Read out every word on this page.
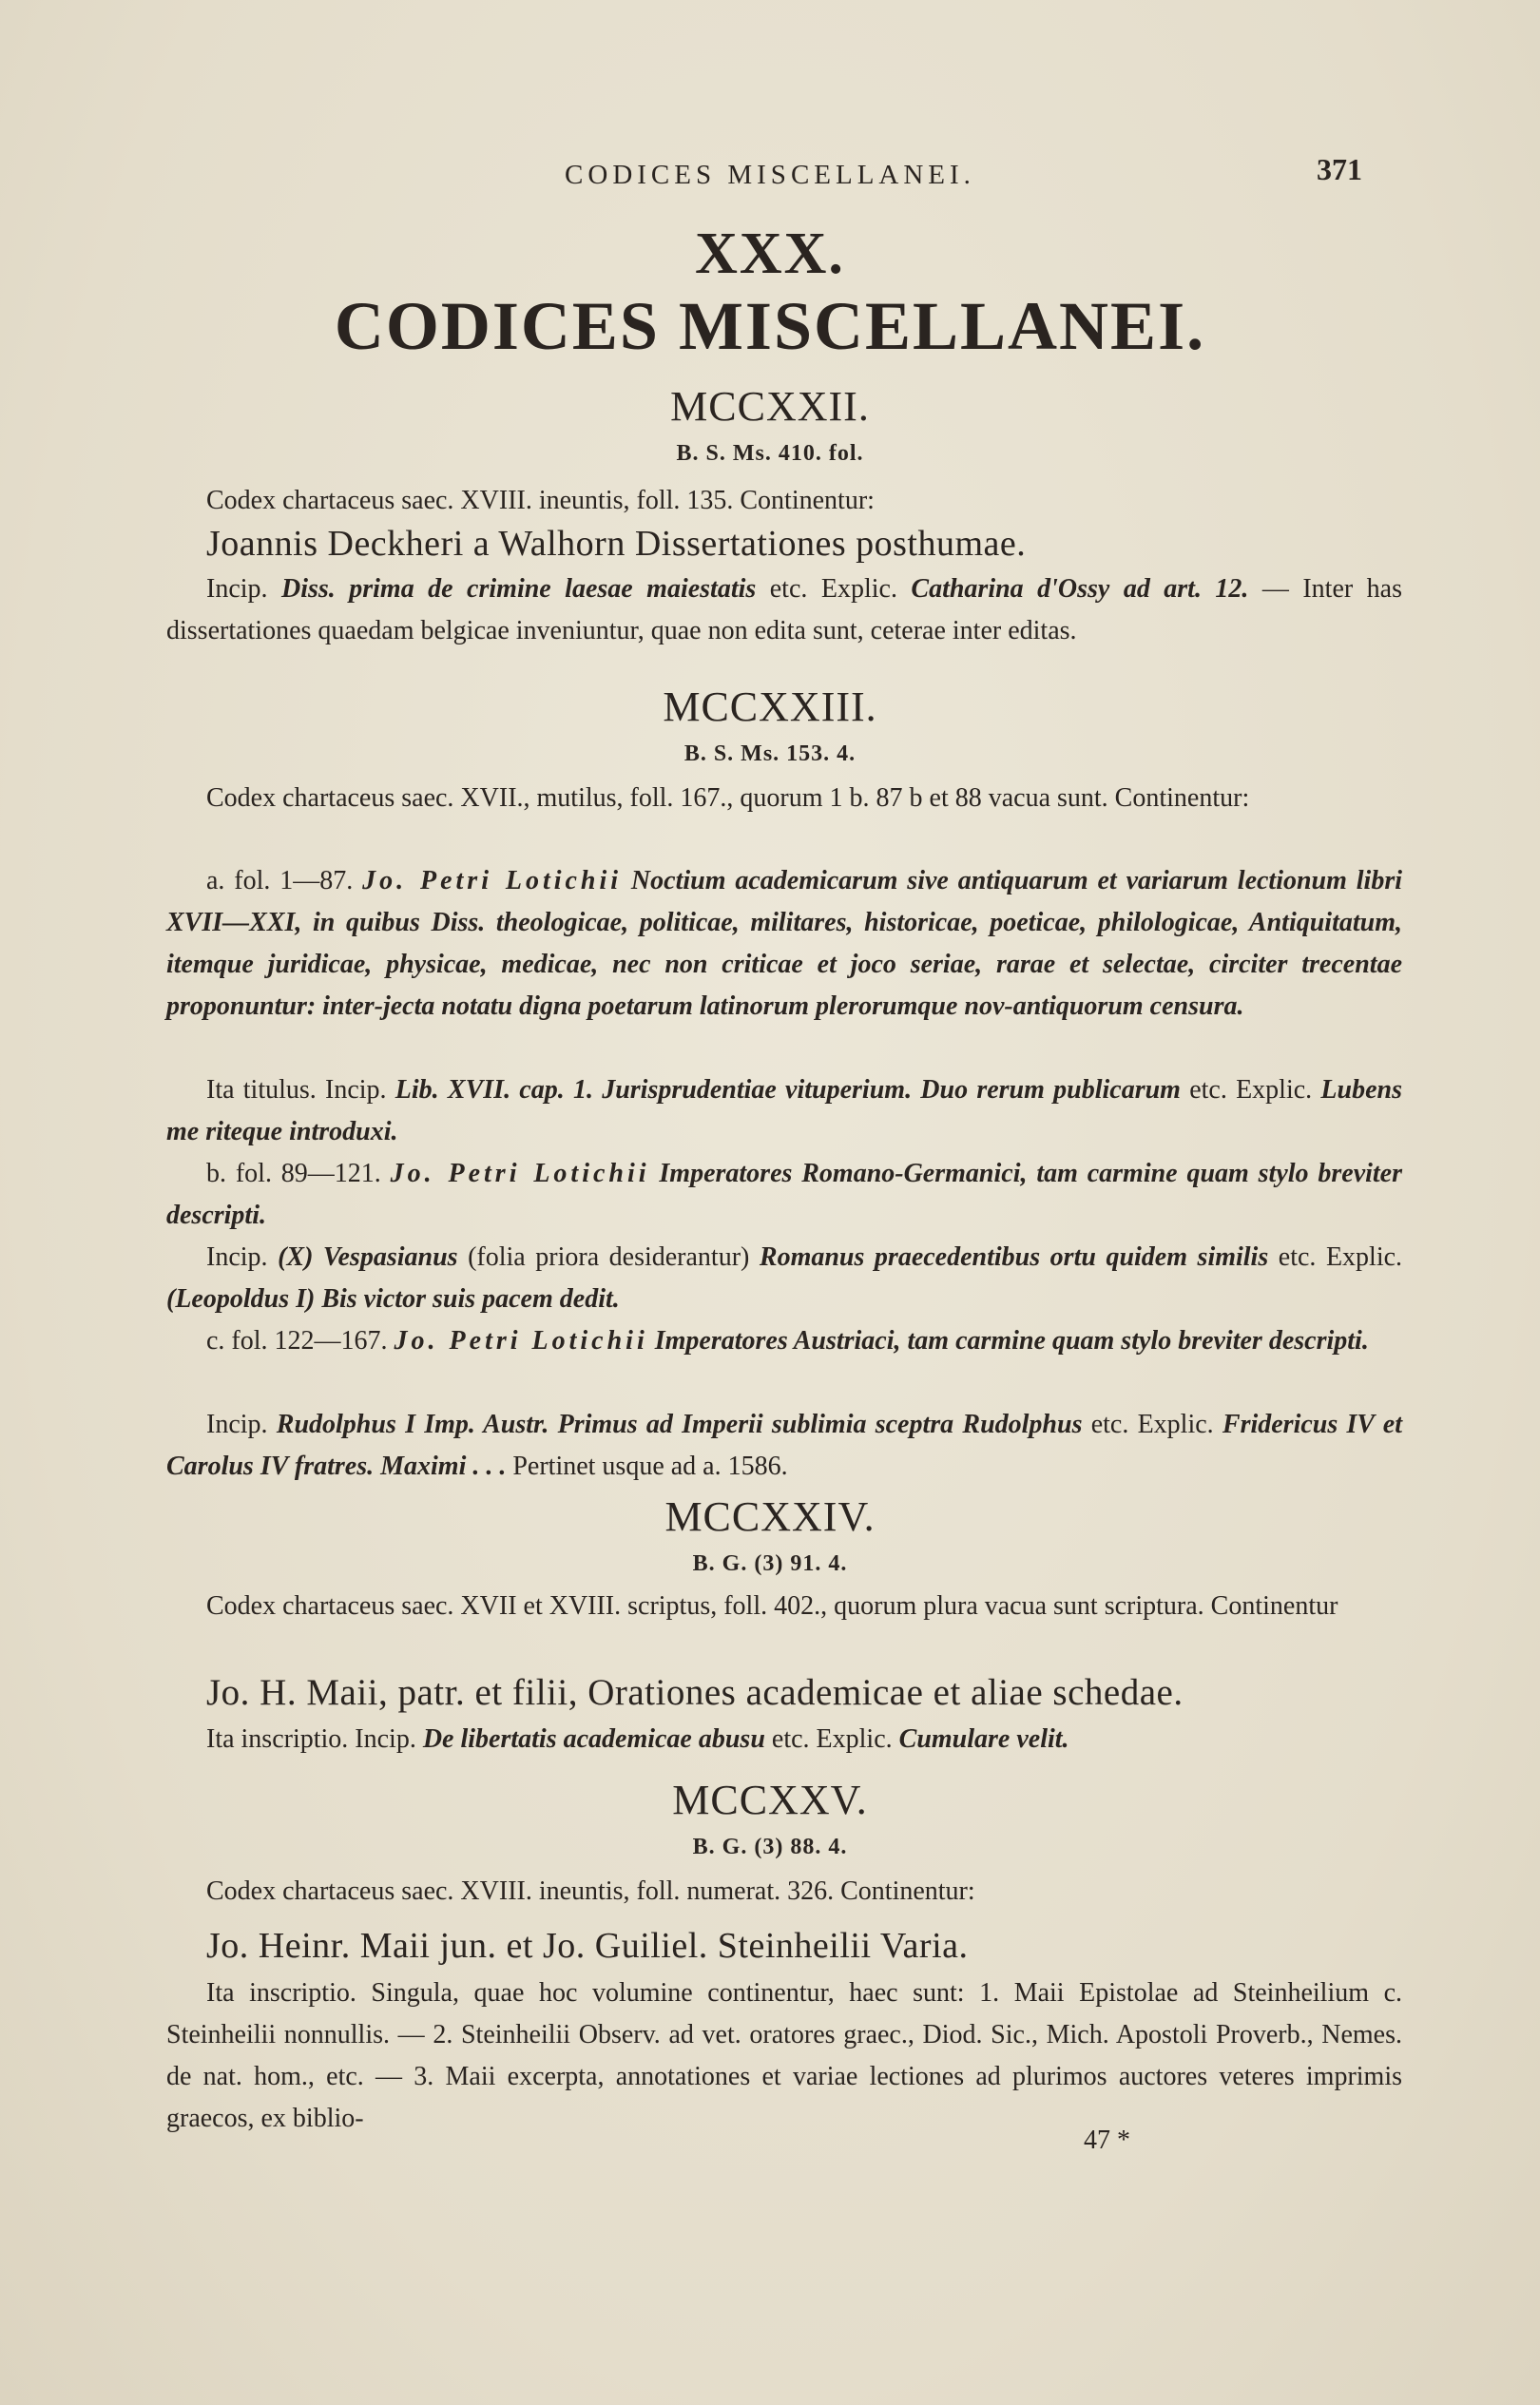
CODICES MISCELLANEI.	371
XXX.
CODICES MISCELLANEI.
MCCXXII.
B. S. Ms. 410. fol.
Codex chartaceus saec. XVIII. ineuntis, foll. 135. Continentur:
Joannis Deckheri a Walhorn Dissertationes posthumae.
Incip. Diss. prima de crimine laesae maiestatis etc. Explic. Catharina d'Ossy ad art. 12. — Inter has dissertationes quaedam belgicae inveniuntur, quae non edita sunt, ceterae inter editas.
MCCXXIII.
B. S. Ms. 153. 4.
Codex chartaceus saec. XVII., mutilus, foll. 167., quorum 1 b. 87 b et 88 vacua sunt. Continentur:
a. fol. 1—87. Jo. Petri Lotichii Noctium academicarum sive antiquarum et variarum lectionum libri XVII—XXI, in quibus Diss. theologicae, politicae, militares, historicae, poeticae, philologicae, Antiquitatum, itemque juridicae, physicae, medicae, nec non criticae et joco seriae, rarae et selectae, circiter trecentae proponuntur: inter-jecta notatu digna poetarum latinorum plerorumque nov-antiquorum censura.
Ita titulus. Incip. Lib. XVII. cap. 1. Jurisprudentiae vituperium. Duo rerum publicarum etc. Explic. Lubens me riteque introduxi.
b. fol. 89—121. Jo. Petri Lotichii Imperatores Romano-Germanici, tam carmine quam stylo breviter descripti.
Incip. (X) Vespasianus (folia priora desiderantur) Romanus praecedentibus ortu quidem similis etc. Explic. (Leopoldus I) Bis victor suis pacem dedit.
c. fol. 122—167. Jo. Petri Lotichii Imperatores Austriaci, tam carmine quam stylo breviter descripti.
Incip. Rudolphus I Imp. Austr. Primus ad Imperii sublimia sceptra Rudolphus etc. Explic. Fridericus IV et Carolus IV fratres. Maximi . . . Pertinet usque ad a. 1586.
MCCXXIV.
B. G. (3) 91. 4.
Codex chartaceus saec. XVII et XVIII. scriptus, foll. 402., quorum plura vacua sunt scriptura. Continentur
Jo. H. Maii, patr. et filii, Orationes academicae et aliae schedae.
Ita inscriptio. Incip. De libertatis academicae abusu etc. Explic. Cumulare velit.
MCCXXV.
B. G. (3) 88. 4.
Codex chartaceus saec. XVIII. ineuntis, foll. numerat. 326. Continentur:
Jo. Heinr. Maii jun. et Jo. Guiliel. Steinheilii Varia.
Ita inscriptio. Singula, quae hoc volumine continentur, haec sunt: 1. Maii Epistolae ad Steinheilium c. Steinheilii nonnullis. — 2. Steinheilii Observ. ad vet. oratores graec., Diod. Sic., Mich. Apostoli Proverb., Nemes. de nat. hom., etc. — 3. Maii excerpta, annotationes et variae lectiones ad plurimos auctores veteres imprimis graecos, ex biblio-
47 *
